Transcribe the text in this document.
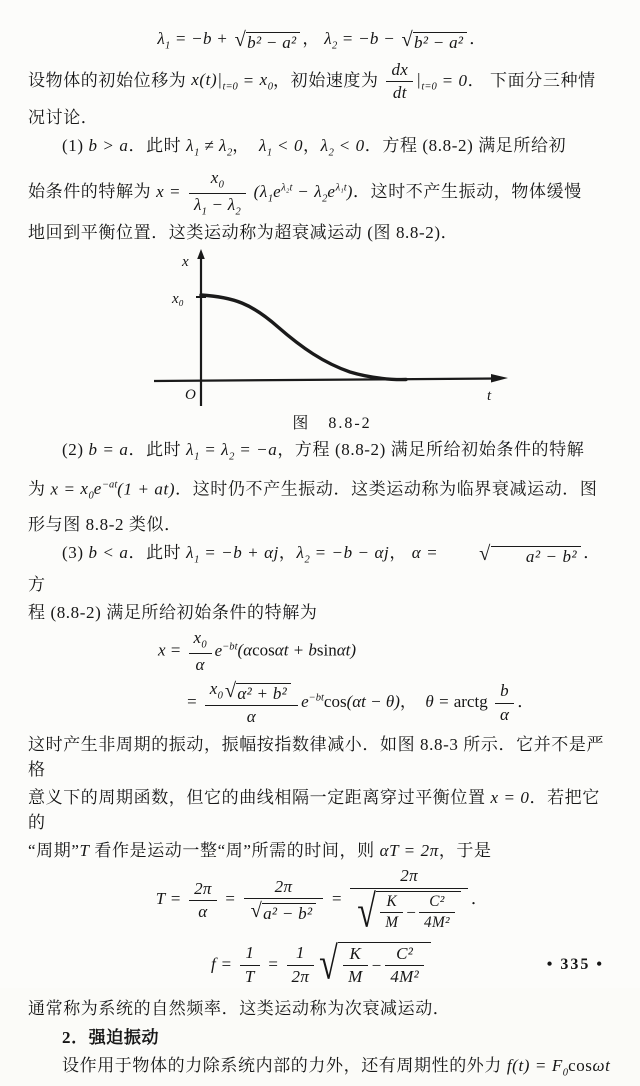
$\lambda_1 = -b$ + √ b² − a² ， $\lambda_2 = -b$ − √ b² − a² ．
设物体的初始位移为 $x(t)|_{t=0} = x_0$，初始速度为 $\frac{dx}{dt} |_{t=0} = 0$． 下面分三种情
况讨论．
(1) b > a．此时 $\lambda_1 \ne \lambda_2$，　$\lambda_1 < 0$，$\lambda_2 < 0$．方程 (8.8-2) 满足所给初
始条件的特解为 $x = \frac{x_0}{\lambda_1 - \lambda_2} (\lambda_1e^{\lambda_2t} - \lambda_2e^{\lambda_1t})$．这时不产生振动，物体缓慢
地回到平衡位置．这类运动称为超衰减运动 (图 8.8-2)．
x
x₀
O	t
图　8.8-2
(2) b = a．此时 $\lambda_1 = \lambda_2 = -a$，方程 (8.8-2) 满足所给初始条件的特解
为 $x = x_0e^{-at}(1 + at)$．这时仍不产生振动．这类运动称为临界衰减运动．图
形与图 8.8-2 类似．
(3) b < a．此时 $\lambda_1 = -b + \alpha j$，$\lambda_2 = -b - \alpha j$， α =	√	a² − b² ．方
程 (8.8-2) 满足所给初始条件的特解为
$x = \frac{x_0}{\alpha} e^{-bt}(\alpha\cos\alpha t + bsin\alpha t)$
= $\frac{x_0 √ \alpha^2 + b^2}{\alpha} e^{-bt}\cos(\alpha t - \theta)$，　θ = arctg $\frac{b}{\alpha}$ ．
这时产生非周期的振动，振幅按指数律减小．如图 8.8-3 所示．它并不是严格
意义下的周期函数，但它的曲线相隔一定距离穿过平衡位置 x = 0．若把它的
“周期”T 看作是运动一整“周”所需的时间，则 αT = 2π，于是
$T = \frac{2\pi}{\alpha} = \frac{2\pi}{\text{√ a² − b²}} = \frac{2\pi}{√ \frac{K}{M} - \frac{\text{C²}}{\text{4M²}}}$ ．
$f = \frac{1}{T} = \frac{1}{2\pi}$ √ $\frac{K}{M} - \frac{\text{C²}}{\text{4M²}}$
通常称为系统的自然频率．这类运动称为次衰减运动．
2．强迫振动
设作用于物体的力除系统内部的力外，还有周期性的外力 $f(t) = F_0\cos\omega t$
• 335 •
